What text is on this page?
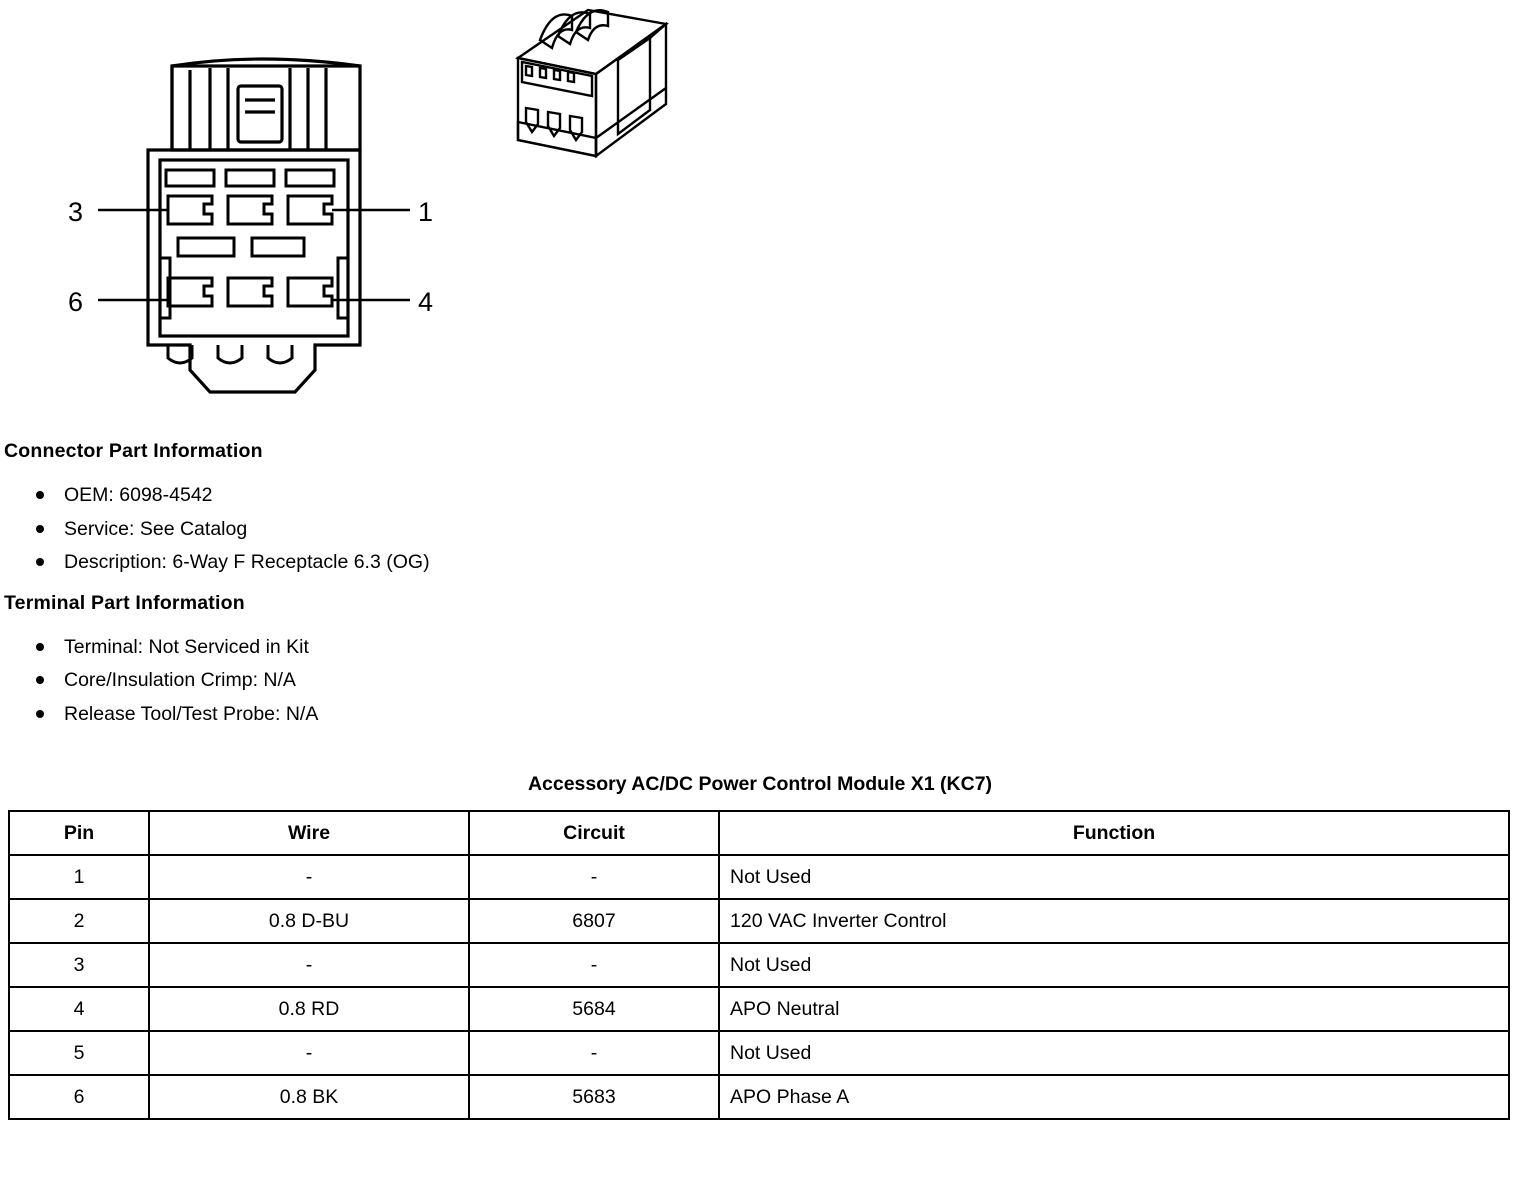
3
6
1
4
Connector Part Information
OEM: 6098-4542
Service: See Catalog
Description: 6-Way F Receptacle 6.3 (OG)
Terminal Part Information
Terminal: Not Serviced in Kit
Core/Insulation Crimp: N/A
Release Tool/Test Probe: N/A
Accessory AC/DC Power Control Module X1 (KC7)
Pin	Wire	Circuit	Function
1	-	-	Not Used
2	0.8 D-BU	6807	120 VAC Inverter Control
3	-	-	Not Used
4	0.8 RD	5684	APO Neutral
5	-	-	Not Used
6	0.8 BK	5683	APO Phase A
